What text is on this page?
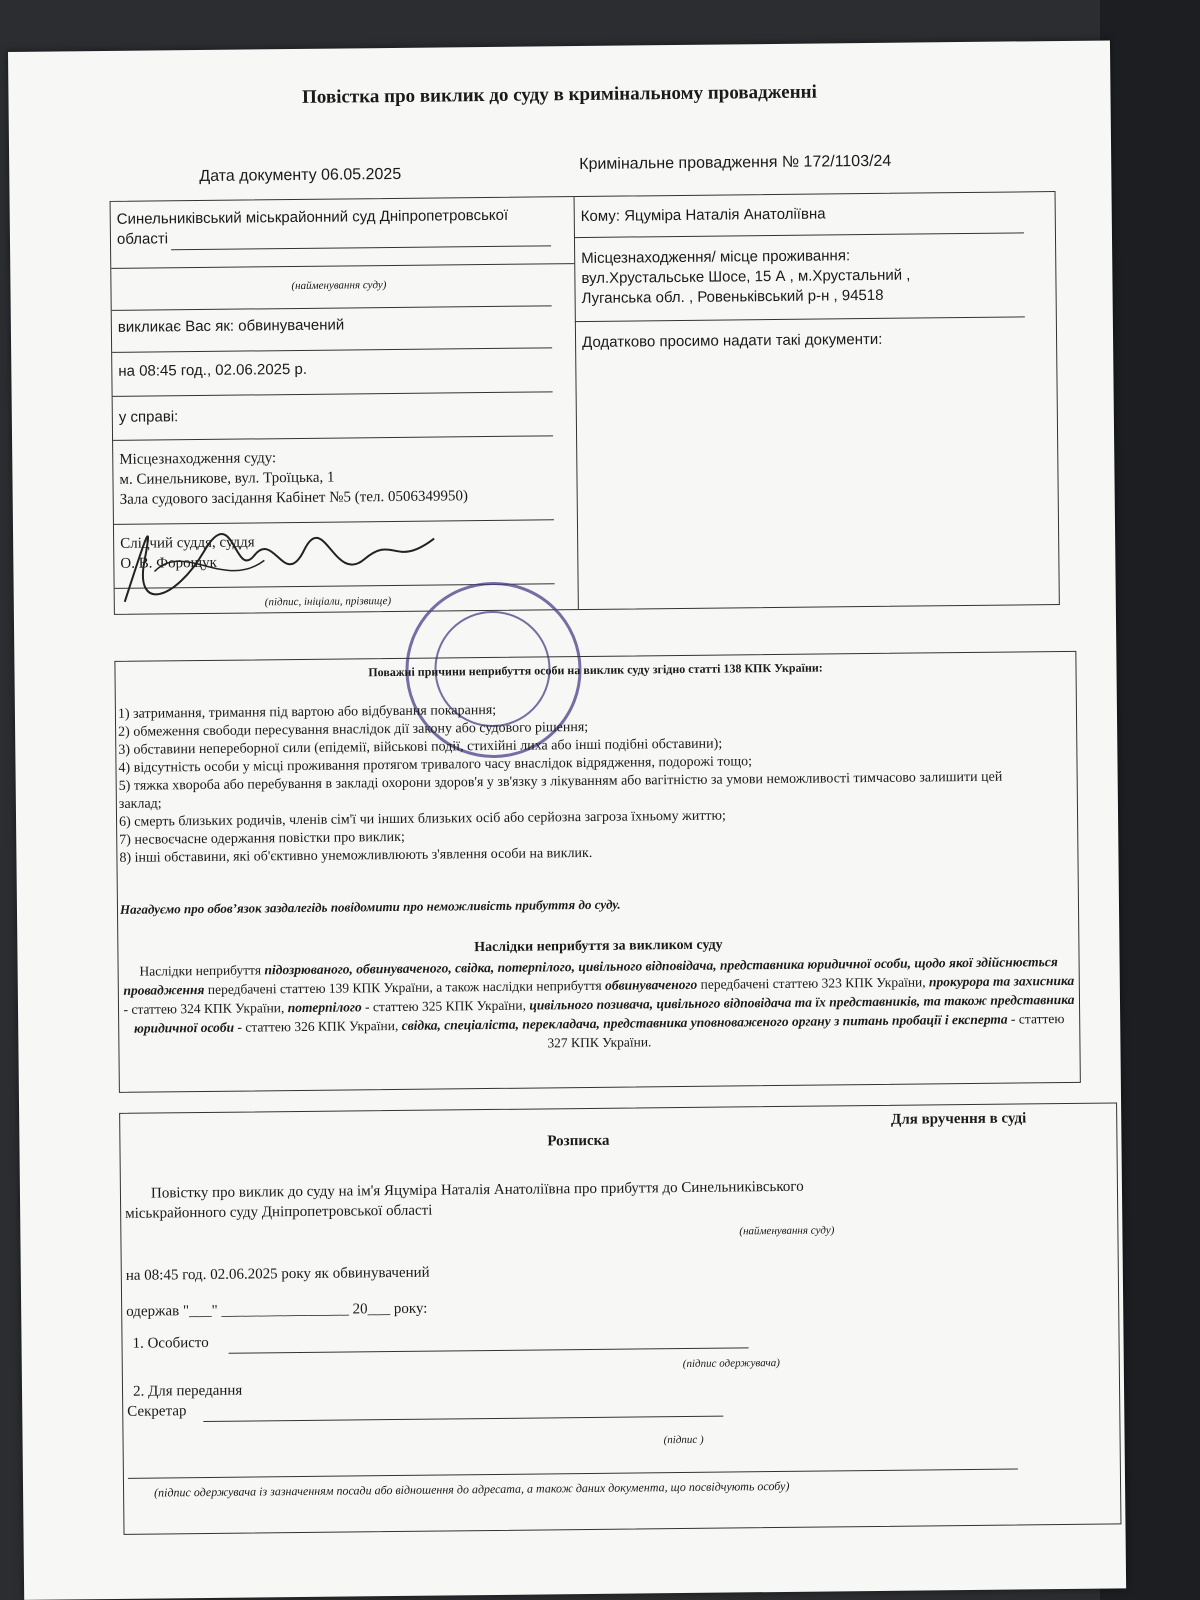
Повістка про виклик до суду в кримінальному провадженні
Дата документу 06.05.2025
Кримінальне провадження № 172/1103/24
Синельниківський міськрайонний суд Дніпропетровської
області
(найменування суду)
викликає Вас як: обвинувачений
на 08:45 год., 02.06.2025 р.
у справі:
Місцезнаходження суду:
м. Синельникове, вул. Троїцька, 1
Зала судового засідання Кабінет №5 (тел. 0506349950)
Слідчий суддя, суддя
О. В. Форощук
(підпис, ініціали, прізвище)
Кому: Яцуміра Наталія Анатоліївна
Місцезнаходження/ місце проживання:
вул.Хрустальське Шосе, 15 А , м.Хрустальний ,
Луганська обл. , Ровеньківський р-н , 94518
Додатково просимо надати такі документи:
Поважні причини неприбуття особи на виклик суду згідно статті 138 КПК України:
1) затримання, тримання під вартою або відбування покарання;
2) обмеження свободи пересування внаслідок дії закону або судового рішення;
3) обставини непереборної сили (епідемії, військові події, стихійні лиха або інші подібні обставини);
4) відсутність особи у місці проживання протягом тривалого часу внаслідок відрядження, подорожі тощо;
5) тяжка хвороба або перебування в закладі охорони здоров'я у зв'язку з лікуванням або вагітністю за умови неможливості тимчасово залишити цей заклад;
6) смерть близьких родичів, членів сім'ї чи інших близьких осіб або серйозна загроза їхньому життю;
7) несвоєчасне одержання повістки про виклик;
8) інші обставини, які об'єктивно унеможливлюють з'явлення особи на виклик.
Нагадуємо про обов’язок заздалегідь повідомити про неможливість прибуття до суду.
Наслідки неприбуття за викликом суду
Наслідки неприбуття підозрюваного, обвинуваченого, свідка, потерпілого, цивільного відповідача, представника юридичної особи, щодо якої здійснюється провадження передбачені статтею 139 КПК України, а також наслідки неприбуття обвинуваченого передбачені статтею 323 КПК України, прокурора та захисника - статтею 324 КПК України, потерпілого - статтею 325 КПК України, цивільного позивача, цивільного відповідача та їх представників, та також представника юридичної особи - статтею 326 КПК України, свідка, спеціаліста, перекладача, представника уповноваженого органу з питань пробації і експерта - статтею 327 КПК України.
Для вручення в суді
Розписка
Повістку про виклик до суду на ім'я Яцуміра Наталія Анатоліївна про прибуття до Синельниківського
міськрайонного суду Дніпропетровської області
(найменування суду)
на 08:45 год. 02.06.2025 року як обвинувачений
одержав "___" _________________ 20___ року:
1. Особисто
(підпис одержувача)
2. Для передання
Секретар
(підпис )
(підпис одержувача із зазначенням посади або відношення до адресата, а також даних документа, що посвідчують особу)
